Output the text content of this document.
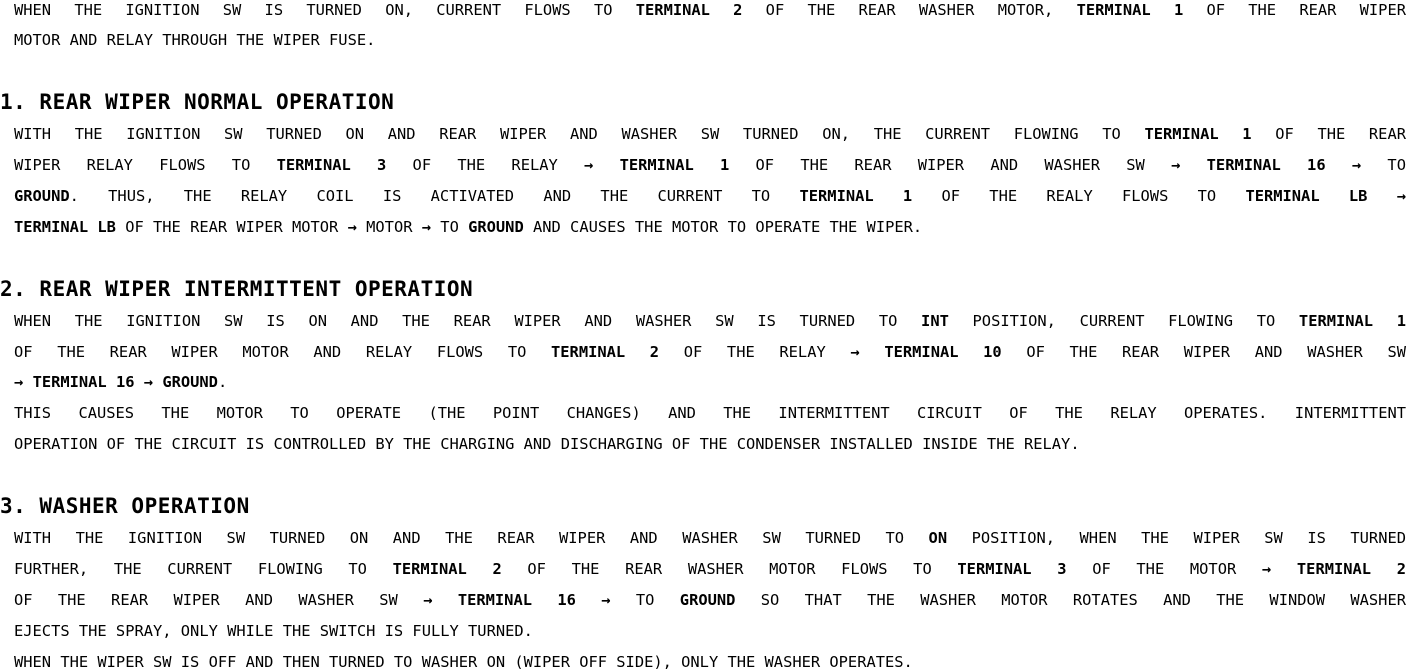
WHEN THE IGNITION SW IS TURNED ON, CURRENT FLOWS TO TERMINAL 2 OF THE REAR WASHER MOTOR, TERMINAL 1 OF THE REAR WIPER
MOTOR AND RELAY THROUGH THE WIPER FUSE.
1. REAR WIPER NORMAL OPERATION
WITH THE IGNITION SW TURNED ON AND REAR WIPER AND WASHER SW TURNED ON, THE CURRENT FLOWING TO TERMINAL 1 OF THE REAR
WIPER RELAY FLOWS TO TERMINAL 3 OF THE RELAY → TERMINAL 1 OF THE REAR WIPER AND WASHER SW → TERMINAL 16 → TO
GROUND. THUS, THE RELAY COIL IS ACTIVATED AND THE CURRENT TO TERMINAL 1 OF THE REALY FLOWS TO TERMINAL LB →
TERMINAL LB OF THE REAR WIPER MOTOR → MOTOR → TO GROUND AND CAUSES THE MOTOR TO OPERATE THE WIPER.
2. REAR WIPER INTERMITTENT OPERATION
WHEN THE IGNITION SW IS ON AND THE REAR WIPER AND WASHER SW IS TURNED TO INT POSITION, CURRENT FLOWING TO TERMINAL 1
OF THE REAR WIPER MOTOR AND RELAY FLOWS TO TERMINAL 2 OF THE RELAY → TERMINAL 10 OF THE REAR WIPER AND WASHER SW
→ TERMINAL 16 → GROUND.
THIS CAUSES THE MOTOR TO OPERATE (THE POINT CHANGES) AND THE INTERMITTENT CIRCUIT OF THE RELAY OPERATES. INTERMITTENT
OPERATION OF THE CIRCUIT IS CONTROLLED BY THE CHARGING AND DISCHARGING OF THE CONDENSER INSTALLED INSIDE THE RELAY.
3. WASHER OPERATION
WITH THE IGNITION SW TURNED ON AND THE REAR WIPER AND WASHER SW TURNED TO ON POSITION, WHEN THE WIPER SW IS TURNED
FURTHER, THE CURRENT FLOWING TO TERMINAL 2 OF THE REAR WASHER MOTOR FLOWS TO TERMINAL 3 OF THE MOTOR → TERMINAL 2
OF THE REAR WIPER AND WASHER SW → TERMINAL 16 → TO GROUND SO THAT THE WASHER MOTOR ROTATES AND THE WINDOW WASHER
EJECTS THE SPRAY, ONLY WHILE THE SWITCH IS FULLY TURNED.
WHEN THE WIPER SW IS OFF AND THEN TURNED TO WASHER ON (WIPER OFF SIDE), ONLY THE WASHER OPERATES.
